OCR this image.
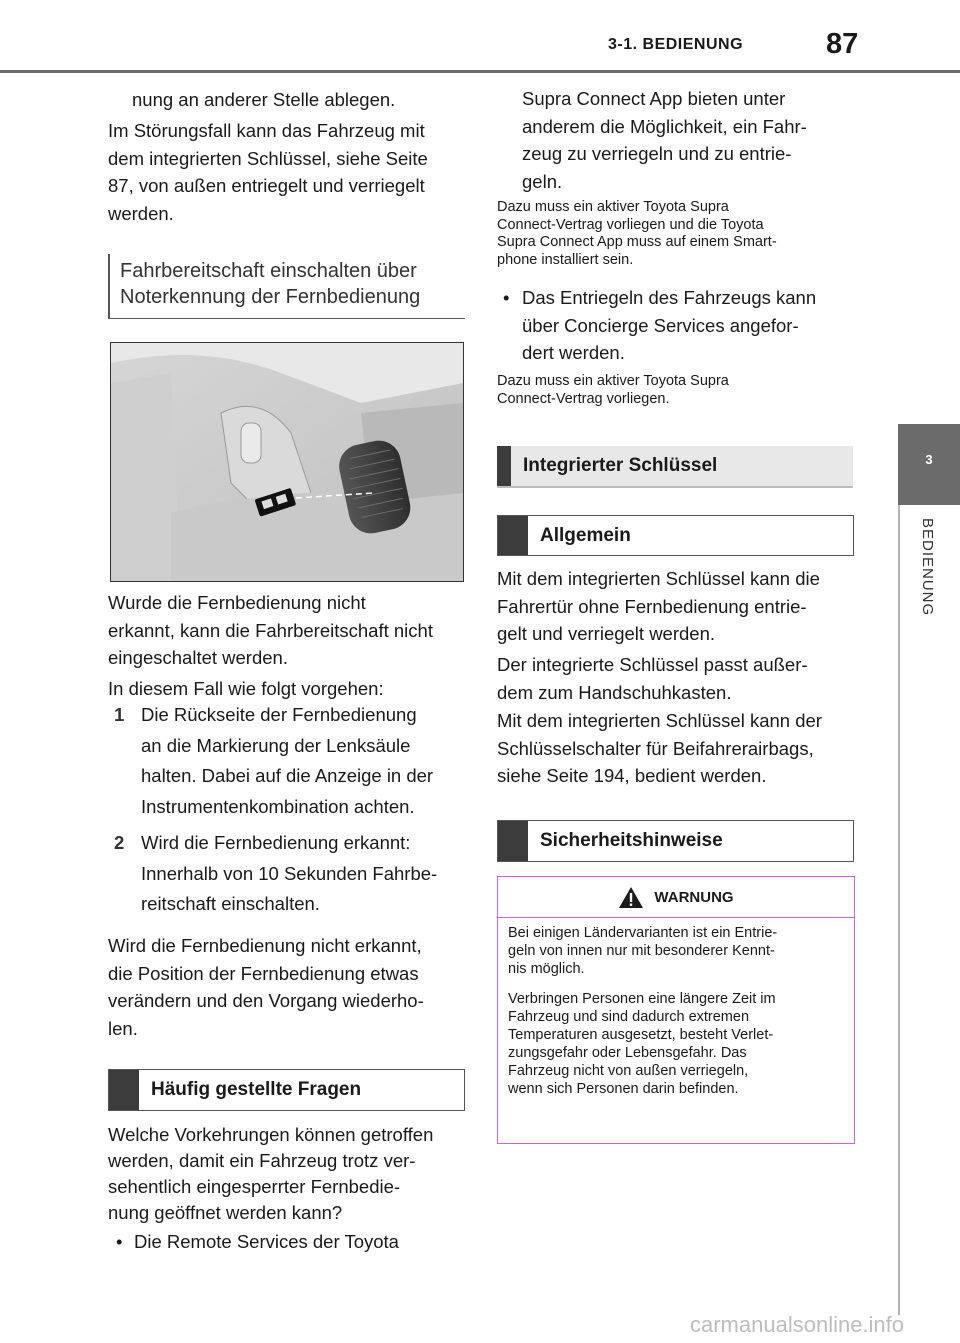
3-1. BEDIENUNG	87
3
BEDIENUNG

nung an anderer Stelle ablegen.

Im Störungsfall kann das Fahrzeug mit

dem integrierten Schlüssel, siehe Seite

87, von außen entriegelt und verriegelt

werden.

Fahrbereitschaft einschalten über
Noterkennung der Fernbedienung

Wurde die Fernbedienung nicht

erkannt, kann die Fahrbereitschaft nicht

eingeschaltet werden.

In diesem Fall wie folgt vorgehen:

1 Die Rückseite der Fernbedienung
an die Markierung der Lenksäule
halten. Dabei auf die Anzeige in der
Instrumentenkombination achten.
2 Wird die Fernbedienung erkannt:
Innerhalb von 10 Sekunden Fahrbe-
reitschaft einschalten.

Wird die Fernbedienung nicht erkannt,

die Position der Fernbedienung etwas

verändern und den Vorgang wiederho-

len.

Häufig gestellte Fragen

Welche Vorkehrungen können getroffen

werden, damit ein Fahrzeug trotz ver-

sehentlich eingesperrter Fernbedie-

nung geöffnet werden kann?

• Die Remote Services der Toyota

Supra Connect App bieten unter

anderem die Möglichkeit, ein Fahr-

zeug zu verriegeln und zu entrie-

geln.

Dazu muss ein aktiver Toyota Supra

Connect-Vertrag vorliegen und die Toyota

Supra Connect App muss auf einem Smart-

phone installiert sein.

• Das Entriegeln des Fahrzeugs kann

über Concierge Services angefor-

dert werden.

Dazu muss ein aktiver Toyota Supra

Connect-Vertrag vorliegen.

Integrierter Schlüssel
Allgemein

Mit dem integrierten Schlüssel kann die

Fahrertür ohne Fernbedienung entrie-

gelt und verriegelt werden.

Der integrierte Schlüssel passt außer-

dem zum Handschuhkasten.

Mit dem integrierten Schlüssel kann der

Schlüsselschalter für Beifahrerairbags,

siehe Seite 194, bedient werden.

Sicherheitshinweise
WARNUNG

Bei einigen Ländervarianten ist ein Entrie-
geln von innen nur mit besonderer Kennt-
nis möglich.

Verbringen Personen eine längere Zeit im
Fahrzeug und sind dadurch extremen
Temperaturen ausgesetzt, besteht Verlet-
zungsgefahr oder Lebensgefahr. Das
Fahrzeug nicht von außen verriegeln,
wenn sich Personen darin befinden.

carmanualsonline.info
